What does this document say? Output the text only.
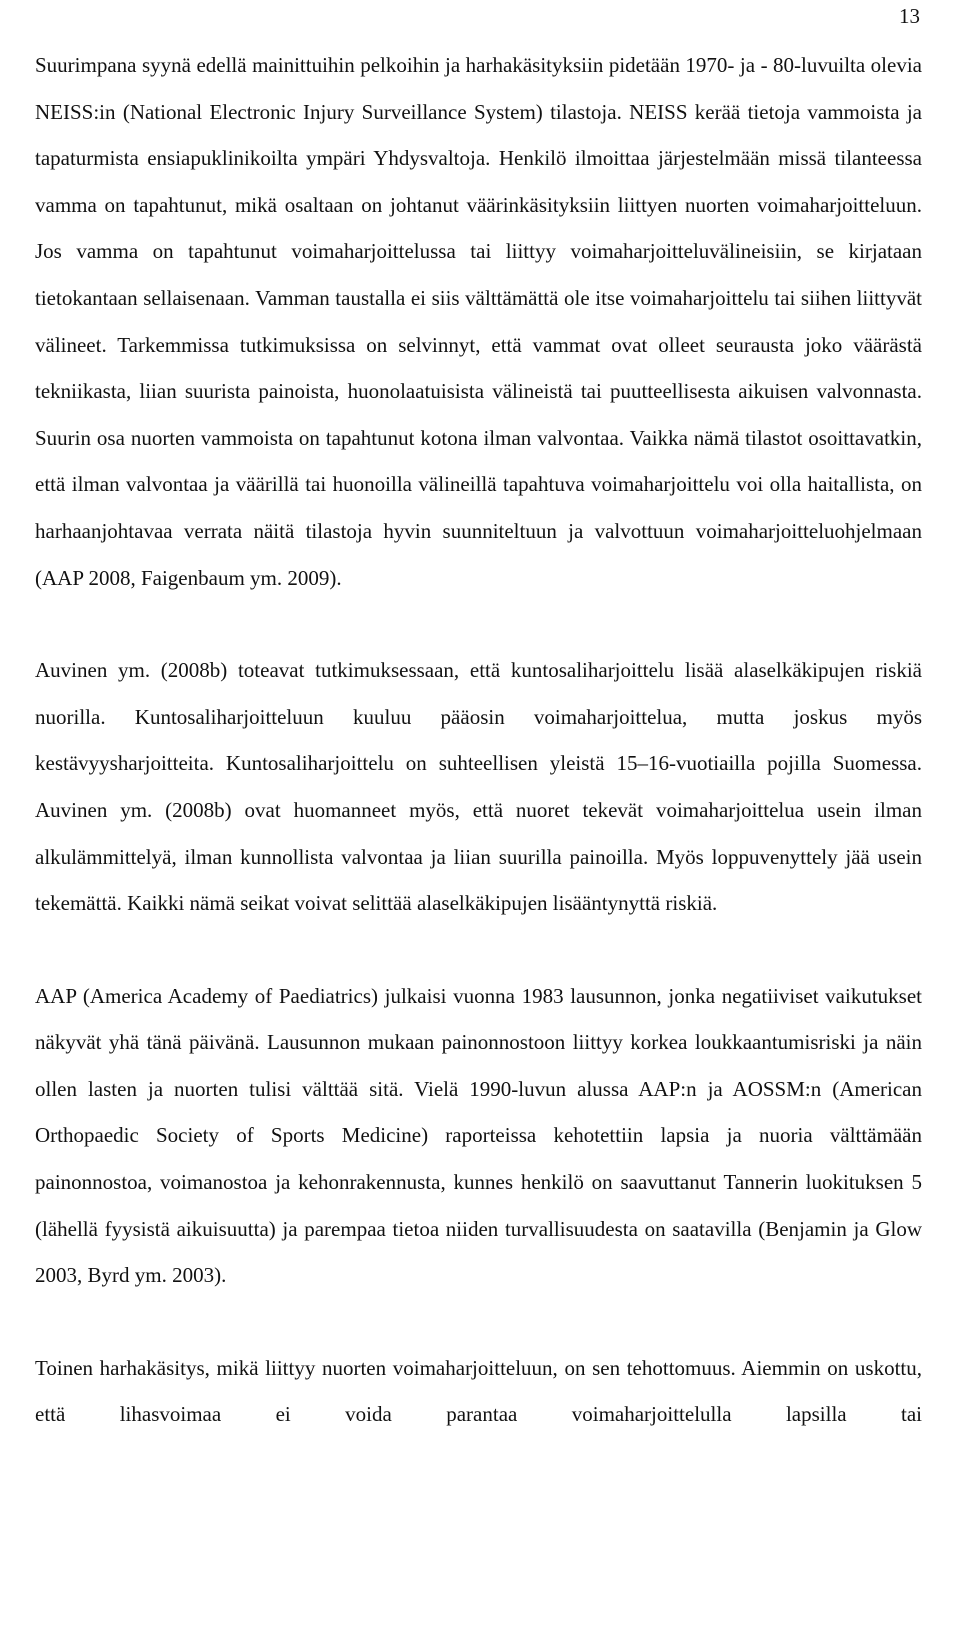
13

Suurimpana syynä edellä mainittuihin pelkoihin ja harhakäsityksiin pidetään 1970- ja - 80-luvuilta olevia NEISS:in (National Electronic Injury Surveillance System) tilastoja. NEISS kerää tietoja vammoista ja tapaturmista ensiapuklinikoilta ympäri Yhdysvaltoja. Henkilö ilmoittaa järjestelmään missä tilanteessa vamma on tapahtunut, mikä osaltaan on johtanut väärinkäsityksiin liittyen nuorten voimaharjoitteluun. Jos vamma on tapahtunut voimaharjoittelussa tai liittyy voimaharjoitteluvälineisiin, se kirjataan tietokantaan sellaisenaan. Vamman taustalla ei siis välttämättä ole itse voimaharjoittelu tai siihen liittyvät välineet. Tarkemmissa tutkimuksissa on selvinnyt, että vammat ovat olleet seurausta joko väärästä tekniikasta, liian suurista painoista, huonolaatuisista välineistä tai puutteellisesta aikuisen valvonnasta. Suurin osa nuorten vammoista on tapahtunut kotona ilman valvontaa. Vaikka nämä tilastot osoittavatkin, että ilman valvontaa ja väärillä tai huonoilla välineillä tapahtuva voimaharjoittelu voi olla haitallista, on harhaanjohtavaa verrata näitä tilastoja hyvin suunniteltuun ja valvottuun voimaharjoitteluohjelmaan (AAP 2008, Faigenbaum ym. 2009).

Auvinen ym. (2008b) toteavat tutkimuksessaan, että kuntosaliharjoittelu lisää alaselkäkipujen riskiä nuorilla. Kuntosaliharjoitteluun kuuluu pääosin voimaharjoittelua, mutta joskus myös kestävyysharjoitteita. Kuntosaliharjoittelu on suhteellisen yleistä 15–16-vuotiailla pojilla Suomessa. Auvinen ym. (2008b) ovat huomanneet myös, että nuoret tekevät voimaharjoittelua usein ilman alkulämmittelyä, ilman kunnollista valvontaa ja liian suurilla painoilla. Myös loppuvenyttely jää usein tekemättä. Kaikki nämä seikat voivat selittää alaselkäkipujen lisääntynyttä riskiä.

AAP (America Academy of Paediatrics) julkaisi vuonna 1983 lausunnon, jonka negatiiviset vaikutukset näkyvät yhä tänä päivänä. Lausunnon mukaan painonnostoon liittyy korkea loukkaantumisriski ja näin ollen lasten ja nuorten tulisi välttää sitä. Vielä 1990-luvun alussa AAP:n ja AOSSM:n (American Orthopaedic Society of Sports Medicine) raporteissa kehotettiin lapsia ja nuoria välttämään painonnostoa, voimanostoa ja kehonrakennusta, kunnes henkilö on saavuttanut Tannerin luokituksen 5 (lähellä fyysistä aikuisuutta) ja parempaa tietoa niiden turvallisuudesta on saatavilla (Benjamin ja Glow 2003, Byrd ym. 2003).

Toinen harhakäsitys, mikä liittyy nuorten voimaharjoitteluun, on sen tehottomuus. Aiemmin on uskottu, että lihasvoimaa ei voida parantaa voimaharjoittelulla lapsilla tai
